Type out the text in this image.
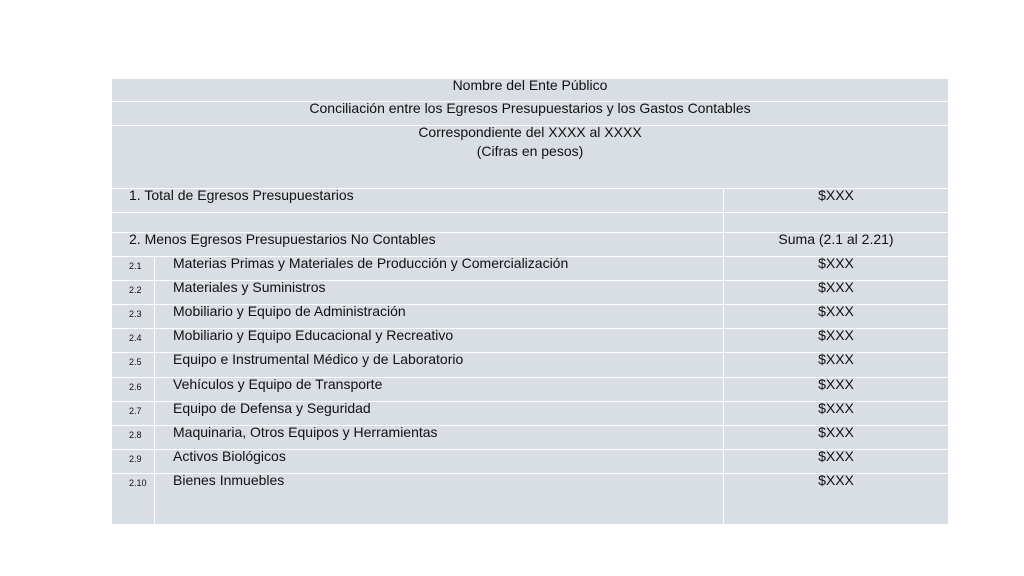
Nombre del Ente Público
Conciliación entre los Egresos Presupuestarios y los Gastos Contables
Correspondiente del XXXX al XXXX
(Cifras en pesos)
1. Total de Egresos Presupuestarios	$XXX
2. Menos Egresos Presupuestarios No Contables	Suma (2.1 al 2.21)
2.1 Materias Primas y Materiales de Producción y Comercialización	$XXX
2.2 Materiales y Suministros	$XXX
2.3 Mobiliario y Equipo de Administración	$XXX
2.4 Mobiliario y Equipo Educacional y Recreativo	$XXX
2.5 Equipo e Instrumental Médico y de Laboratorio	$XXX
2.6 Vehículos y Equipo de Transporte	$XXX
2.7 Equipo de Defensa y Seguridad	$XXX
2.8 Maquinaria, Otros Equipos y Herramientas	$XXX
2.9 Activos Biológicos	$XXX
2.10 Bienes Inmuebles	$XXX
